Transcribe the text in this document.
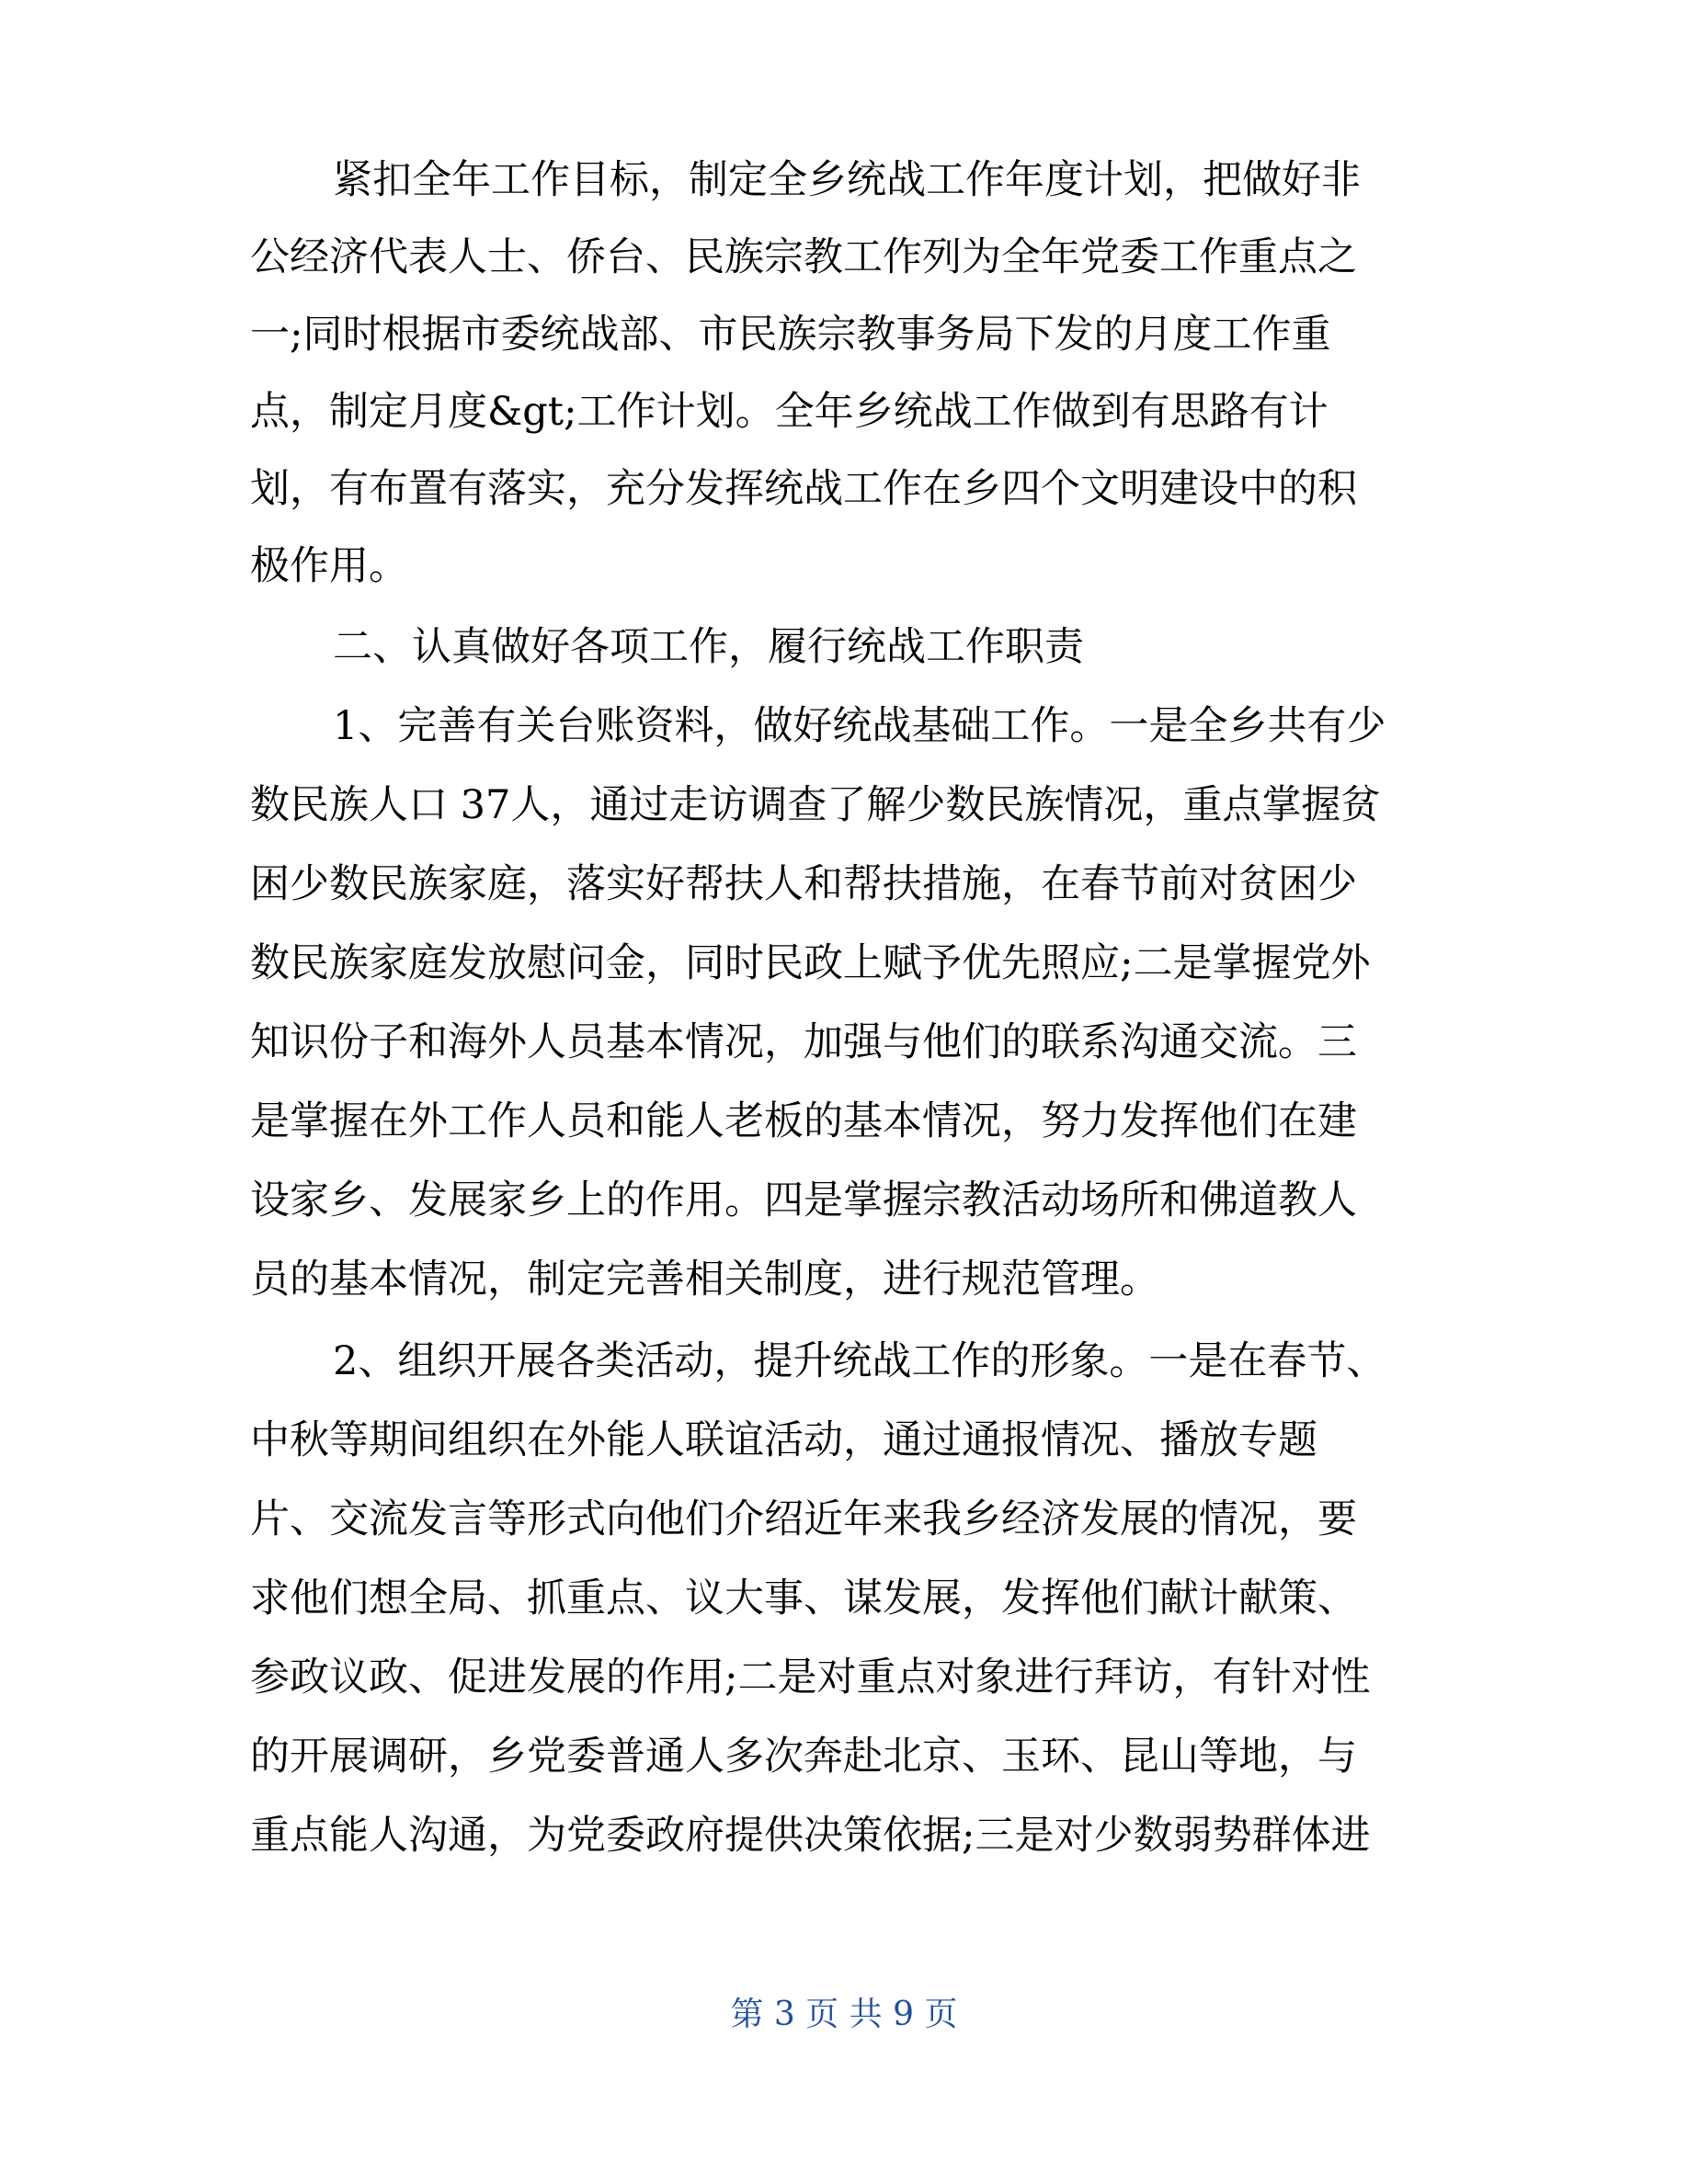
紧扣全年工作目标，制定全乡统战工作年度计划，把做好非
公经济代表人士、侨台、民族宗教工作列为全年党委工作重点之
一;同时根据市委统战部、市民族宗教事务局下发的月度工作重
点，制定月度&gt;工作计划。全年乡统战工作做到有思路有计
划，有布置有落实，充分发挥统战工作在乡四个文明建设中的积
极作用。
二、认真做好各项工作，履行统战工作职责
1、完善有关台账资料，做好统战基础工作。一是全乡共有少
数民族人口 37人，通过走访调查了解少数民族情况，重点掌握贫
困少数民族家庭，落实好帮扶人和帮扶措施，在春节前对贫困少
数民族家庭发放慰问金，同时民政上赋予优先照应;二是掌握党外
知识份子和海外人员基本情况，加强与他们的联系沟通交流。三
是掌握在外工作人员和能人老板的基本情况，努力发挥他们在建
设家乡、发展家乡上的作用。四是掌握宗教活动场所和佛道教人
员的基本情况，制定完善相关制度，进行规范管理。
2、组织开展各类活动，提升统战工作的形象。一是在春节、
中秋等期间组织在外能人联谊活动，通过通报情况、播放专题
片、交流发言等形式向他们介绍近年来我乡经济发展的情况，要
求他们想全局、抓重点、议大事、谋发展，发挥他们献计献策、
参政议政、促进发展的作用;二是对重点对象进行拜访，有针对性
的开展调研，乡党委普通人多次奔赴北京、玉环、昆山等地，与
重点能人沟通，为党委政府提供决策依据;三是对少数弱势群体进
第 3 页 共 9 页
